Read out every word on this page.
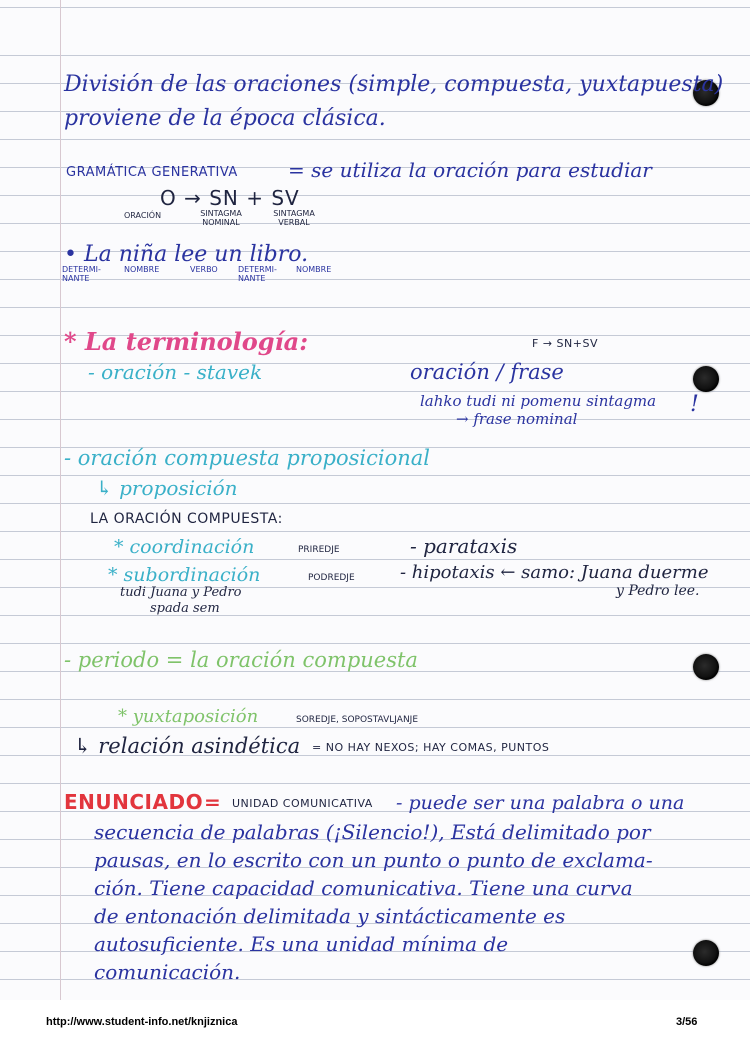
División de las oraciones (simple, compuesta, yuxtapuesta)
proviene de la época clásica.
GRAMÁTICA GENERATIVA	= se utiliza la oración para estudiar
O → SN + SV
ORACIÓN	SINTAGMA NOMINAL
SINTAGMA VERBAL
• La niña lee un libro.
DETERMI- NANTE
NOMBRE	VERBO	DETERMI- NANTE
NOMBRE
* La terminología:	F → SN+SV
- oración - stavek	oración / frase
lahko tudi ni pomenu sintagma !
→ frase nominal
- oración compuesta proposicional
↳ proposición
LA ORACIÓN COMPUESTA:
* coordinación	PRIREDJE	- parataxis
* subordinación	PODREDJE	- hipotaxis ← samo: Juana duerme
y Pedro lee.
tudi Juana y Pedro
spada sem
- periodo = la oración compuesta
* yuxtaposición	SOREDJE, SOPOSTAVLJANJE
↳ relación asindética = NO HAY NEXOS; HAY COMAS, PUNTOS
ENUNCIADO = UNIDAD COMUNICATIVA - puede ser una palabra o una
secuencia de palabras (¡Silencio!), Está delimitado por
pausas, en lo escrito con un punto o punto de exclama-
ción. Tiene capacidad comunicativa. Tiene una curva
de entonación delimitada y sintácticamente es
autosuficiente. Es una unidad mínima de
comunicación.
http://www.student-info.net/knjiznica	3/56
